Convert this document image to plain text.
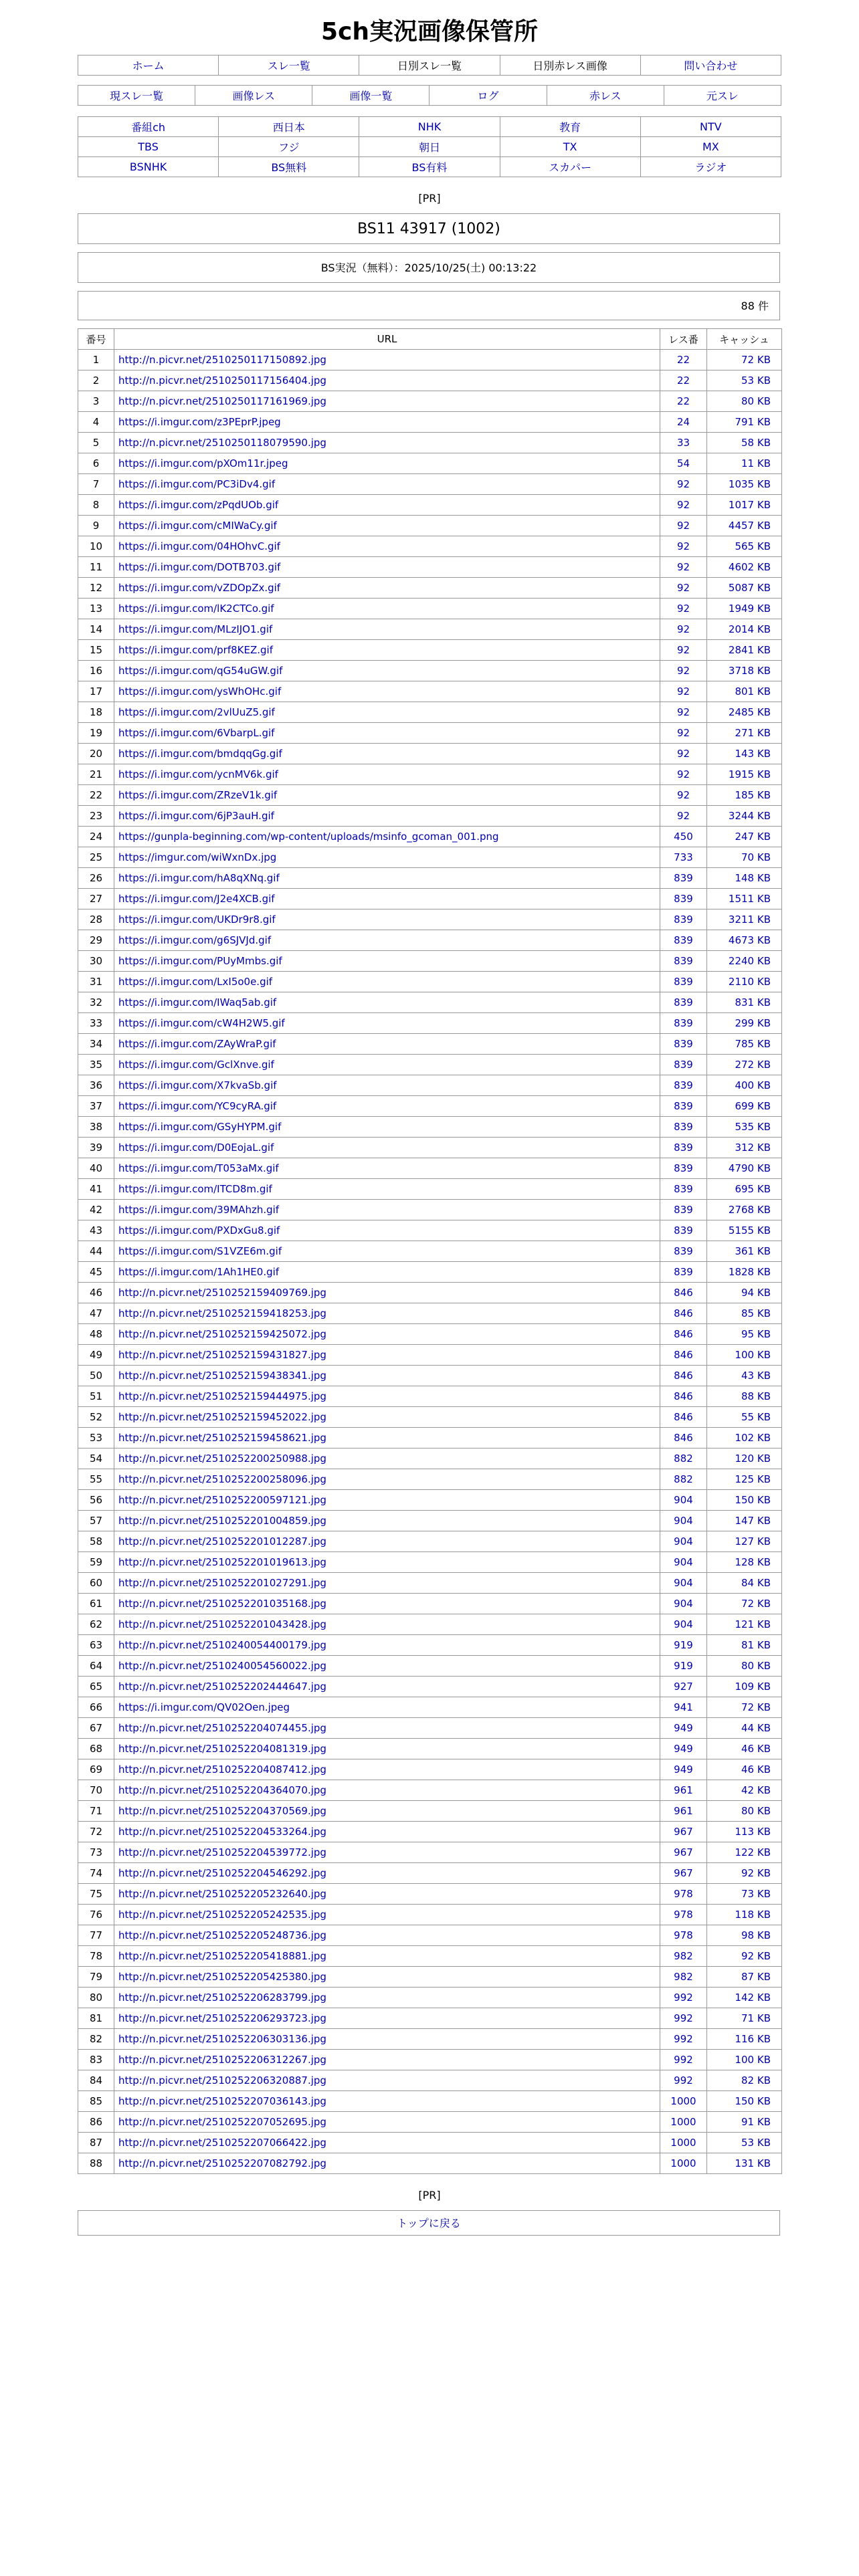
5ch実況画像保管所
ホーム	スレ一覧	日別スレ一覧	日別赤レス画像	問い合わせ
現スレ一覧	画像レス	画像一覧	ログ	赤レス	元スレ
番組ch	西日本	NHK	教育	NTV
TBS	フジ	朝日	TX	MX
BSNHK	BS無料	BS有料	スカパー	ラジオ
[PR]
BS11 43917 (1002)
BS実況（無料）：2025/10/25(土) 00:13:22
88 件
番号	URL	レス番	キャッシュ
1	http://n.picvr.net/2510250117150892.jpg	22	72 KB
2	http://n.picvr.net/2510250117156404.jpg	22	53 KB
3	http://n.picvr.net/2510250117161969.jpg	22	80 KB
4	https://i.imgur.com/z3PEprP.jpeg	24	791 KB
5	http://n.picvr.net/2510250118079590.jpg	33	58 KB
6	https://i.imgur.com/pXOm11r.jpeg	54	11 KB
7	https://i.imgur.com/PC3iDv4.gif	92	1035 KB
8	https://i.imgur.com/zPqdUOb.gif	92	1017 KB
9	https://i.imgur.com/cMIWaCy.gif	92	4457 KB
10	https://i.imgur.com/04HOhvC.gif	92	565 KB
11	https://i.imgur.com/DOTB703.gif	92	4602 KB
12	https://i.imgur.com/vZDOpZx.gif	92	5087 KB
13	https://i.imgur.com/lK2CTCo.gif	92	1949 KB
14	https://i.imgur.com/MLzIJO1.gif	92	2014 KB
15	https://i.imgur.com/prf8KEZ.gif	92	2841 KB
16	https://i.imgur.com/qG54uGW.gif	92	3718 KB
17	https://i.imgur.com/ysWhOHc.gif	92	801 KB
18	https://i.imgur.com/2vlUuZ5.gif	92	2485 KB
19	https://i.imgur.com/6VbarpL.gif	92	271 KB
20	https://i.imgur.com/bmdqqGg.gif	92	143 KB
21	https://i.imgur.com/ycnMV6k.gif	92	1915 KB
22	https://i.imgur.com/ZRzeV1k.gif	92	185 KB
23	https://i.imgur.com/6jP3auH.gif	92	3244 KB
24	https://gunpla-beginning.com/wp-content/uploads/msinfo_gcoman_001.png	450	247 KB
25	https://imgur.com/wiWxnDx.jpg	733	70 KB
26	https://i.imgur.com/hA8qXNq.gif	839	148 KB
27	https://i.imgur.com/J2e4XCB.gif	839	1511 KB
28	https://i.imgur.com/UKDr9r8.gif	839	3211 KB
29	https://i.imgur.com/g6SJVJd.gif	839	4673 KB
30	https://i.imgur.com/PUyMmbs.gif	839	2240 KB
31	https://i.imgur.com/LxI5o0e.gif	839	2110 KB
32	https://i.imgur.com/IWaq5ab.gif	839	831 KB
33	https://i.imgur.com/cW4H2W5.gif	839	299 KB
34	https://i.imgur.com/ZAyWraP.gif	839	785 KB
35	https://i.imgur.com/GclXnve.gif	839	272 KB
36	https://i.imgur.com/X7kvaSb.gif	839	400 KB
37	https://i.imgur.com/YC9cyRA.gif	839	699 KB
38	https://i.imgur.com/GSyHYPM.gif	839	535 KB
39	https://i.imgur.com/D0EojaL.gif	839	312 KB
40	https://i.imgur.com/T053aMx.gif	839	4790 KB
41	https://i.imgur.com/ITCD8m.gif	839	695 KB
42	https://i.imgur.com/39MAhzh.gif	839	2768 KB
43	https://i.imgur.com/PXDxGu8.gif	839	5155 KB
44	https://i.imgur.com/S1VZE6m.gif	839	361 KB
45	https://i.imgur.com/1Ah1HE0.gif	839	1828 KB
46	http://n.picvr.net/2510252159409769.jpg	846	94 KB
47	http://n.picvr.net/2510252159418253.jpg	846	85 KB
48	http://n.picvr.net/2510252159425072.jpg	846	95 KB
49	http://n.picvr.net/2510252159431827.jpg	846	100 KB
50	http://n.picvr.net/2510252159438341.jpg	846	43 KB
51	http://n.picvr.net/2510252159444975.jpg	846	88 KB
52	http://n.picvr.net/2510252159452022.jpg	846	55 KB
53	http://n.picvr.net/2510252159458621.jpg	846	102 KB
54	http://n.picvr.net/2510252200250988.jpg	882	120 KB
55	http://n.picvr.net/2510252200258096.jpg	882	125 KB
56	http://n.picvr.net/2510252200597121.jpg	904	150 KB
57	http://n.picvr.net/2510252201004859.jpg	904	147 KB
58	http://n.picvr.net/2510252201012287.jpg	904	127 KB
59	http://n.picvr.net/2510252201019613.jpg	904	128 KB
60	http://n.picvr.net/2510252201027291.jpg	904	84 KB
61	http://n.picvr.net/2510252201035168.jpg	904	72 KB
62	http://n.picvr.net/2510252201043428.jpg	904	121 KB
63	http://n.picvr.net/2510240054400179.jpg	919	81 KB
64	http://n.picvr.net/2510240054560022.jpg	919	80 KB
65	http://n.picvr.net/2510252202444647.jpg	927	109 KB
66	https://i.imgur.com/QV02Oen.jpeg	941	72 KB
67	http://n.picvr.net/2510252204074455.jpg	949	44 KB
68	http://n.picvr.net/2510252204081319.jpg	949	46 KB
69	http://n.picvr.net/2510252204087412.jpg	949	46 KB
70	http://n.picvr.net/2510252204364070.jpg	961	42 KB
71	http://n.picvr.net/2510252204370569.jpg	961	80 KB
72	http://n.picvr.net/2510252204533264.jpg	967	113 KB
73	http://n.picvr.net/2510252204539772.jpg	967	122 KB
74	http://n.picvr.net/2510252204546292.jpg	967	92 KB
75	http://n.picvr.net/2510252205232640.jpg	978	73 KB
76	http://n.picvr.net/2510252205242535.jpg	978	118 KB
77	http://n.picvr.net/2510252205248736.jpg	978	98 KB
78	http://n.picvr.net/2510252205418881.jpg	982	92 KB
79	http://n.picvr.net/2510252205425380.jpg	982	87 KB
80	http://n.picvr.net/2510252206283799.jpg	992	142 KB
81	http://n.picvr.net/2510252206293723.jpg	992	71 KB
82	http://n.picvr.net/2510252206303136.jpg	992	116 KB
83	http://n.picvr.net/2510252206312267.jpg	992	100 KB
84	http://n.picvr.net/2510252206320887.jpg	992	82 KB
85	http://n.picvr.net/2510252207036143.jpg	1000	150 KB
86	http://n.picvr.net/2510252207052695.jpg	1000	91 KB
87	http://n.picvr.net/2510252207066422.jpg	1000	53 KB
88	http://n.picvr.net/2510252207082792.jpg	1000	131 KB
[PR]
トップに戻る
